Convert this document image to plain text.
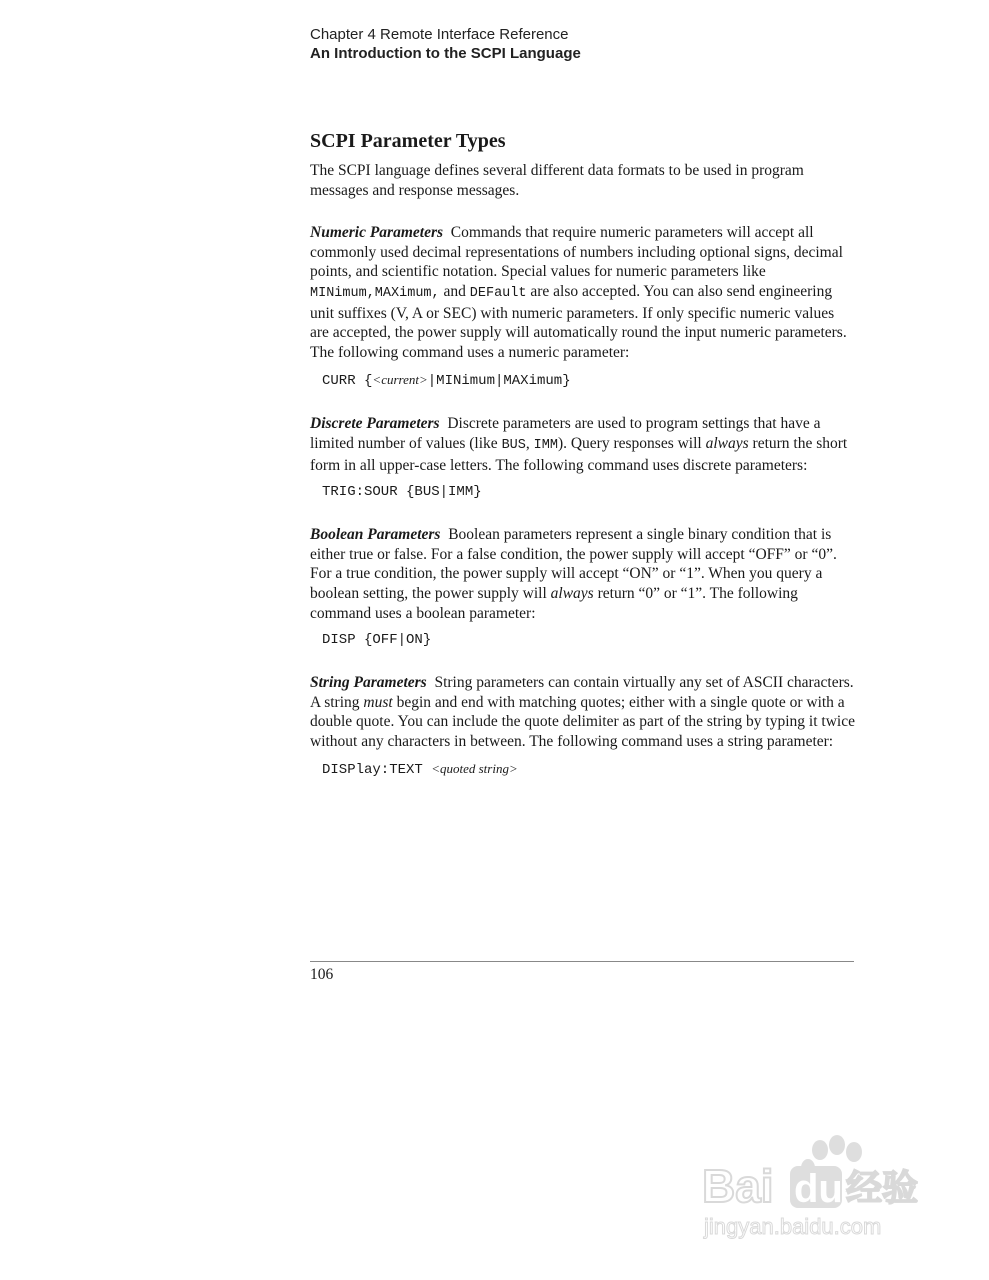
Chapter 4 Remote Interface Reference
An Introduction to the SCPI Language
SCPI Parameter Types

The SCPI language defines several different data formats to be used in program messages and response messages.

Numeric Parameters Commands that require numeric parameters will accept all commonly used decimal representations of numbers including optional signs, decimal points, and scientific notation. Special values for numeric parameters like MINimum,MAXimum, and DEFault are also accepted. You can also send engineering unit suffixes (V, A or SEC) with numeric parameters. If only specific numeric values are accepted, the power supply will automatically round the input numeric parameters. The following command uses a numeric parameter:

CURR {<current>|MINimum|MAXimum}

Discrete Parameters Discrete parameters are used to program settings that have a limited number of values (like BUS, IMM). Query responses will always return the short form in all upper-case letters. The following command uses discrete parameters:

TRIG:SOUR {BUS|IMM}

Boolean Parameters Boolean parameters represent a single binary condition that is either true or false. For a false condition, the power supply will accept “OFF” or “0”. For a true condition, the power supply will accept “ON” or “1”. When you query a boolean setting, the power supply will always return “0” or “1”. The following command uses a boolean parameter:

DISP {OFF|ON}

String Parameters String parameters can contain virtually any set of ASCII characters. A string must begin and end with matching quotes; either with a single quote or with a double quote. You can include the quote delimiter as part of the string by typing it twice without any characters in between. The following command uses a string parameter:

DISPlay:TEXT <quoted string>
106
Bai du 经验
jingyan.baidu.com
